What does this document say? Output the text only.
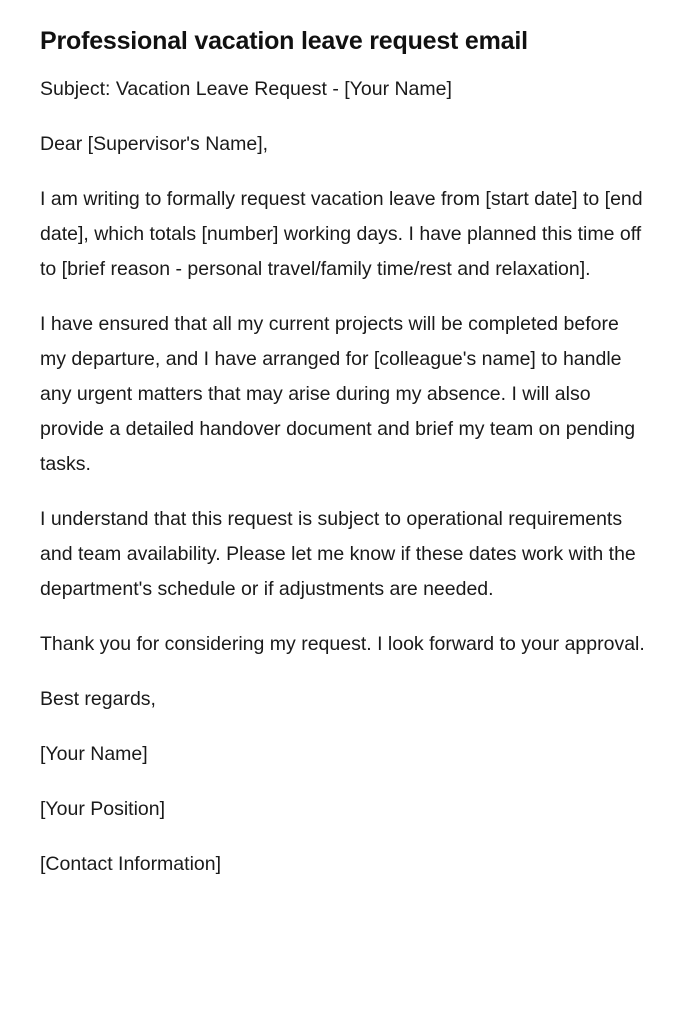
Professional vacation leave request email

Subject: Vacation Leave Request - [Your Name]

Dear [Supervisor's Name],

I am writing to formally request vacation leave from [start date] to [end date], which totals [number] working days. I have planned this time off to [brief reason - personal travel/family time/rest and relaxation].

I have ensured that all my current projects will be completed before my departure, and I have arranged for [colleague's name] to handle any urgent matters that may arise during my absence. I will also provide a detailed handover document and brief my team on pending tasks.

I understand that this request is subject to operational requirements and team availability. Please let me know if these dates work with the department's schedule or if adjustments are needed.

Thank you for considering my request. I look forward to your approval.

Best regards,

[Your Name]

[Your Position]

[Contact Information]
